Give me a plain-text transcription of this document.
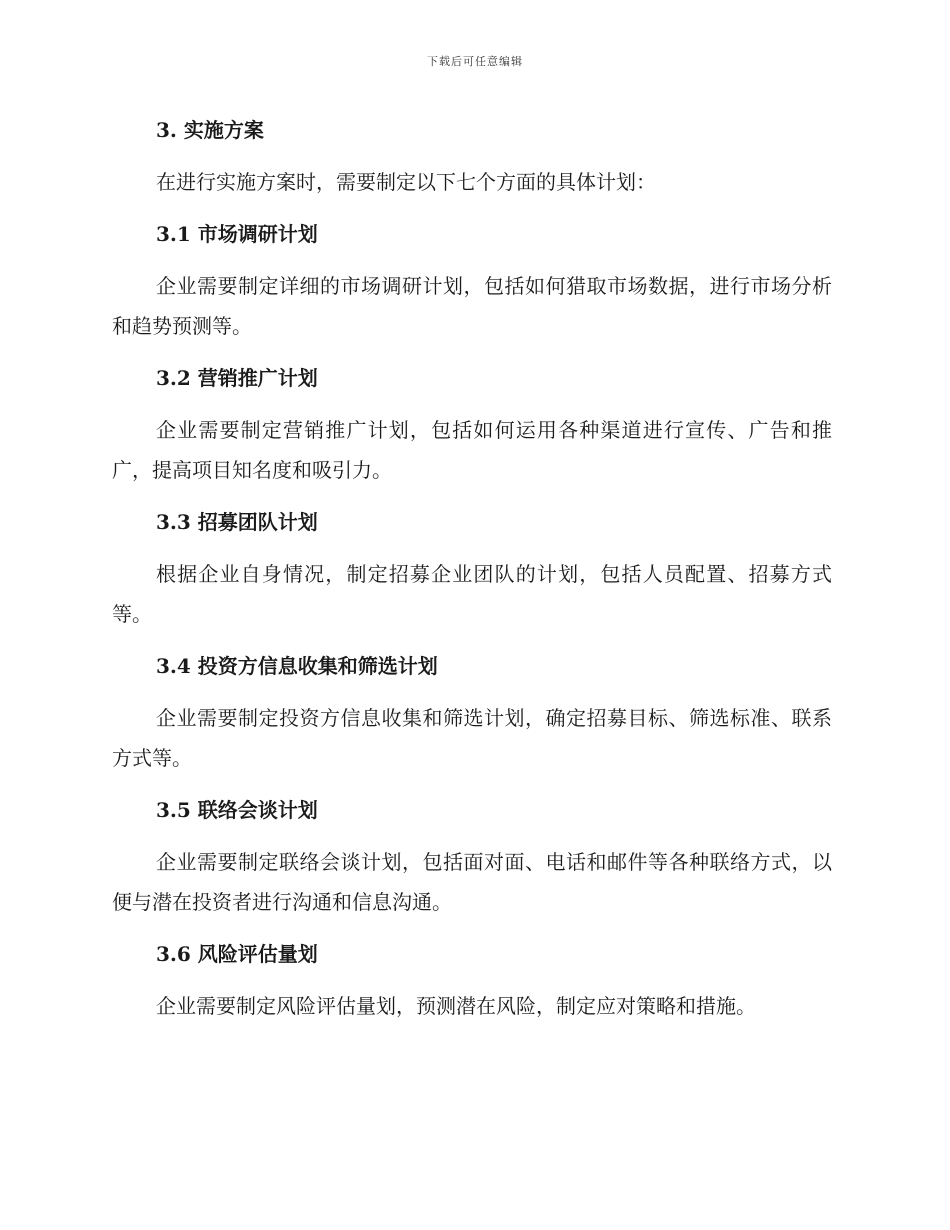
下载后可任意编辑

3. 实施方案

在进行实施方案时，需要制定以下七个方面的具体计划：

3.1 市场调研计划

企业需要制定详细的市场调研计划，包括如何猎取市场数据，进行市场分析和趋势预测等。

3.2 营销推广计划

企业需要制定营销推广计划，包括如何运用各种渠道进行宣传、广告和推广，提高项目知名度和吸引力。

3.3 招募团队计划

根据企业自身情况，制定招募企业团队的计划，包括人员配置、招募方式等。

3.4 投资方信息收集和筛选计划

企业需要制定投资方信息收集和筛选计划，确定招募目标、筛选标准、联系方式等。

3.5 联络会谈计划

企业需要制定联络会谈计划，包括面对面、电话和邮件等各种联络方式，以便与潜在投资者进行沟通和信息沟通。

3.6 风险评估量划

企业需要制定风险评估量划，预测潜在风险，制定应对策略和措施。
